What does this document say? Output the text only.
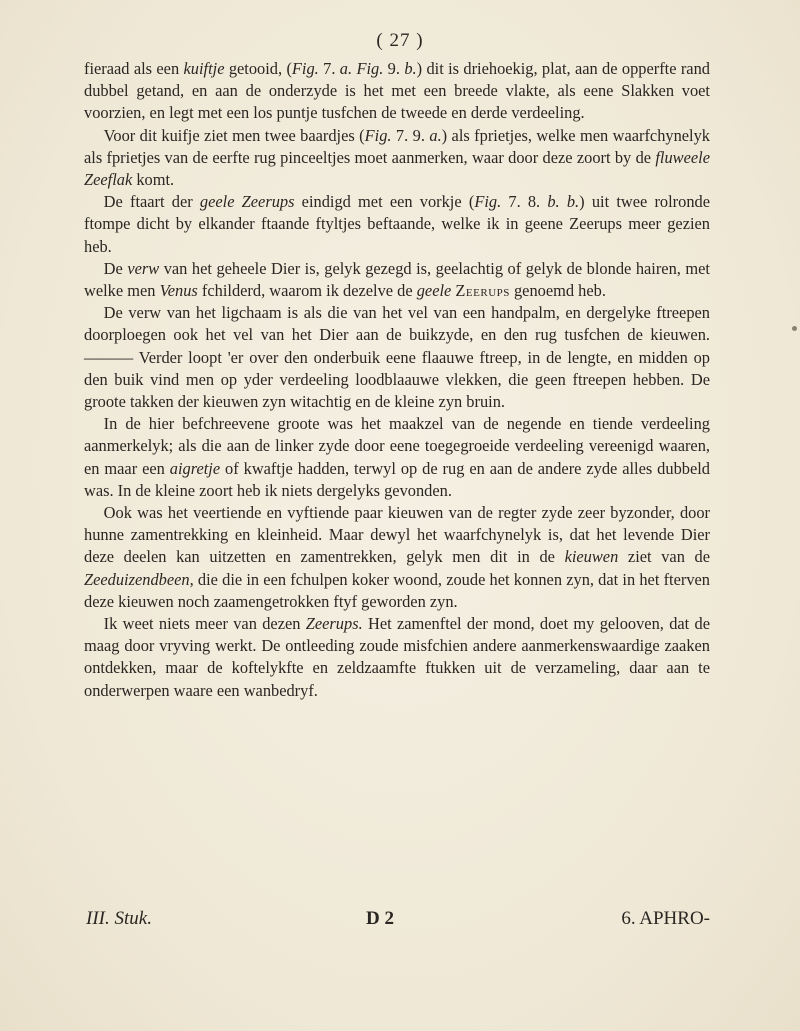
( 27 )

fieraad als een kuiftje getooid, (Fig. 7. a. Fig. 9. b.) dit is driehoekig, plat, aan de opperfte rand dubbel getand, en aan de onderzyde is het met een breede vlakte, als eene Slakken voet voorzien, en legt met een los puntje tusfchen de tweede en derde verdeeling.

Voor dit kuifje ziet men twee baardjes (Fig. 7. 9. a.) als fprietjes, welke men waarfchynelyk als fprietjes van de eerfte rug pinceeltjes moet aanmerken, waar door deze zoort by de fluweele Zeeflak komt.

De ftaart der geele Zeerups eindigd met een vorkje (Fig. 7. 8. b. b.) uit twee rolronde ftompe dicht by elkander ftaande ftyltjes beftaande, welke ik in geene Zeerups meer gezien heb.

De verw van het geheele Dier is, gelyk gezegd is, geelachtig of gelyk de blonde hairen, met welke men Venus fchilderd, waarom ik dezelve de geele Zeerups genoemd heb.

De verw van het ligchaam is als die van het vel van een handpalm, en dergelyke ftreepen doorploegen ook het vel van het Dier aan de buikzyde, en den rug tusfchen de kieuwen. ——— Verder loopt 'er over den onderbuik eene flaauwe ftreep, in de lengte, en midden op den buik vind men op yder verdeeling loodblaauwe vlekken, die geen ftreepen hebben. De groote takken der kieuwen zyn witachtig en de kleine zyn bruin.

In de hier befchreevene groote was het maakzel van de negende en tiende verdeeling aanmerkelyk; als die aan de linker zyde door eene toegegroeide verdeeling vereenigd waaren, en maar een aigretje of kwaftje hadden, terwyl op de rug en aan de andere zyde alles dubbeld was. In de kleine zoort heb ik niets dergelyks gevonden.

Ook was het veertiende en vyftiende paar kieuwen van de regter zyde zeer byzonder, door hunne zamentrekking en kleinheid. Maar dewyl het waarfchynelyk is, dat het levende Dier deze deelen kan uitzetten en zamentrekken, gelyk men dit in de kieuwen ziet van de Zeeduizendbeen, die die in een fchulpen koker woond, zoude het konnen zyn, dat in het fterven deze kieuwen noch zaamengetrokken ftyf geworden zyn.

Ik weet niets meer van dezen Zeerups. Het zamenftel der mond, doet my gelooven, dat de maag door vryving werkt. De ontleeding zoude misfchien andere aanmerkenswaardige zaaken ontdekken, maar de koftelykfte en zeldzaamfte ftukken uit de verzameling, daar aan te onderwerpen waare een wanbedryf.

III. Stuk.	D 2	6. APHRO-
